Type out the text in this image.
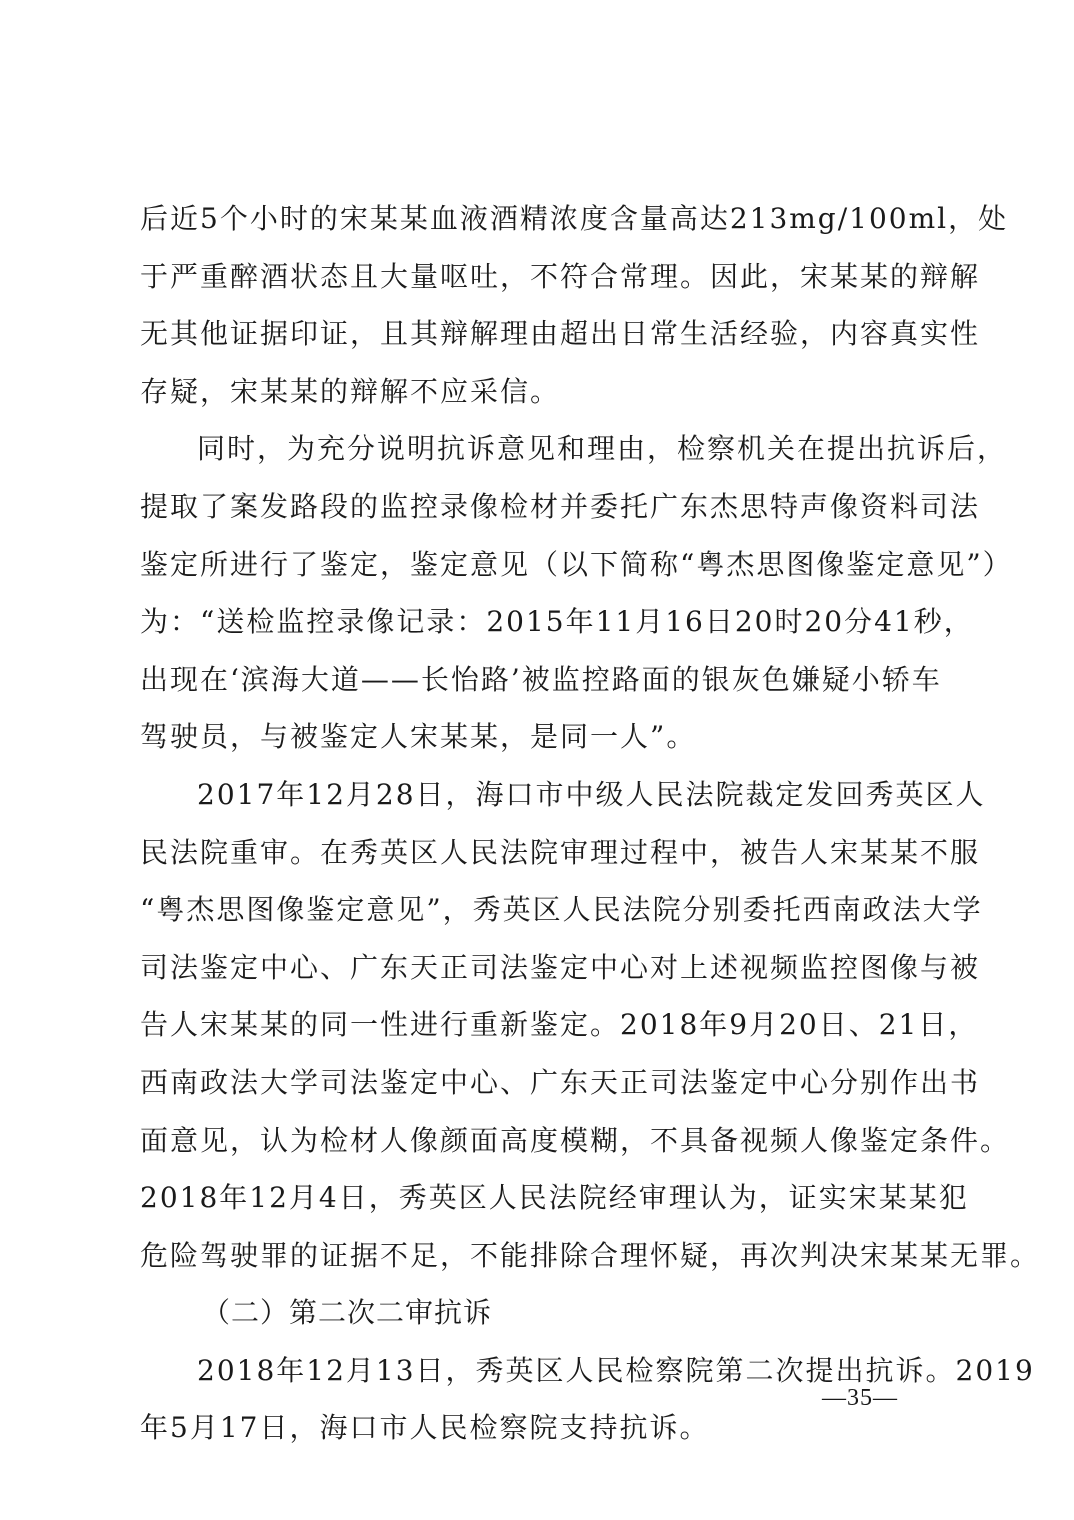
后近5个小时的宋某某血液酒精浓度含量高达213mg/100ml，处
于严重醉酒状态且大量呕吐，不符合常理。因此，宋某某的辩解
无其他证据印证，且其辩解理由超出日常生活经验，内容真实性
存疑，宋某某的辩解不应采信。
同时，为充分说明抗诉意见和理由，检察机关在提出抗诉后，
提取了案发路段的监控录像检材并委托广东杰思特声像资料司法
鉴定所进行了鉴定，鉴定意见（以下简称“粤杰思图像鉴定意见”）
为：“送检监控录像记录：2015年11月16日20时20分41秒，
出现在‘滨海大道——长怡路’被监控路面的银灰色嫌疑小轿车
驾驶员，与被鉴定人宋某某，是同一人”。
2017年12月28日，海口市中级人民法院裁定发回秀英区人
民法院重审。在秀英区人民法院审理过程中，被告人宋某某不服
“粤杰思图像鉴定意见”，秀英区人民法院分别委托西南政法大学
司法鉴定中心、广东天正司法鉴定中心对上述视频监控图像与被
告人宋某某的同一性进行重新鉴定。2018年9月20日、21日，
西南政法大学司法鉴定中心、广东天正司法鉴定中心分别作出书
面意见，认为检材人像颜面高度模糊，不具备视频人像鉴定条件。
2018年12月4日，秀英区人民法院经审理认为，证实宋某某犯
危险驾驶罪的证据不足，不能排除合理怀疑，再次判决宋某某无罪。
（二）第二次二审抗诉
2018年12月13日，秀英区人民检察院第二次提出抗诉。2019
年5月17日，海口市人民检察院支持抗诉。
—35—
